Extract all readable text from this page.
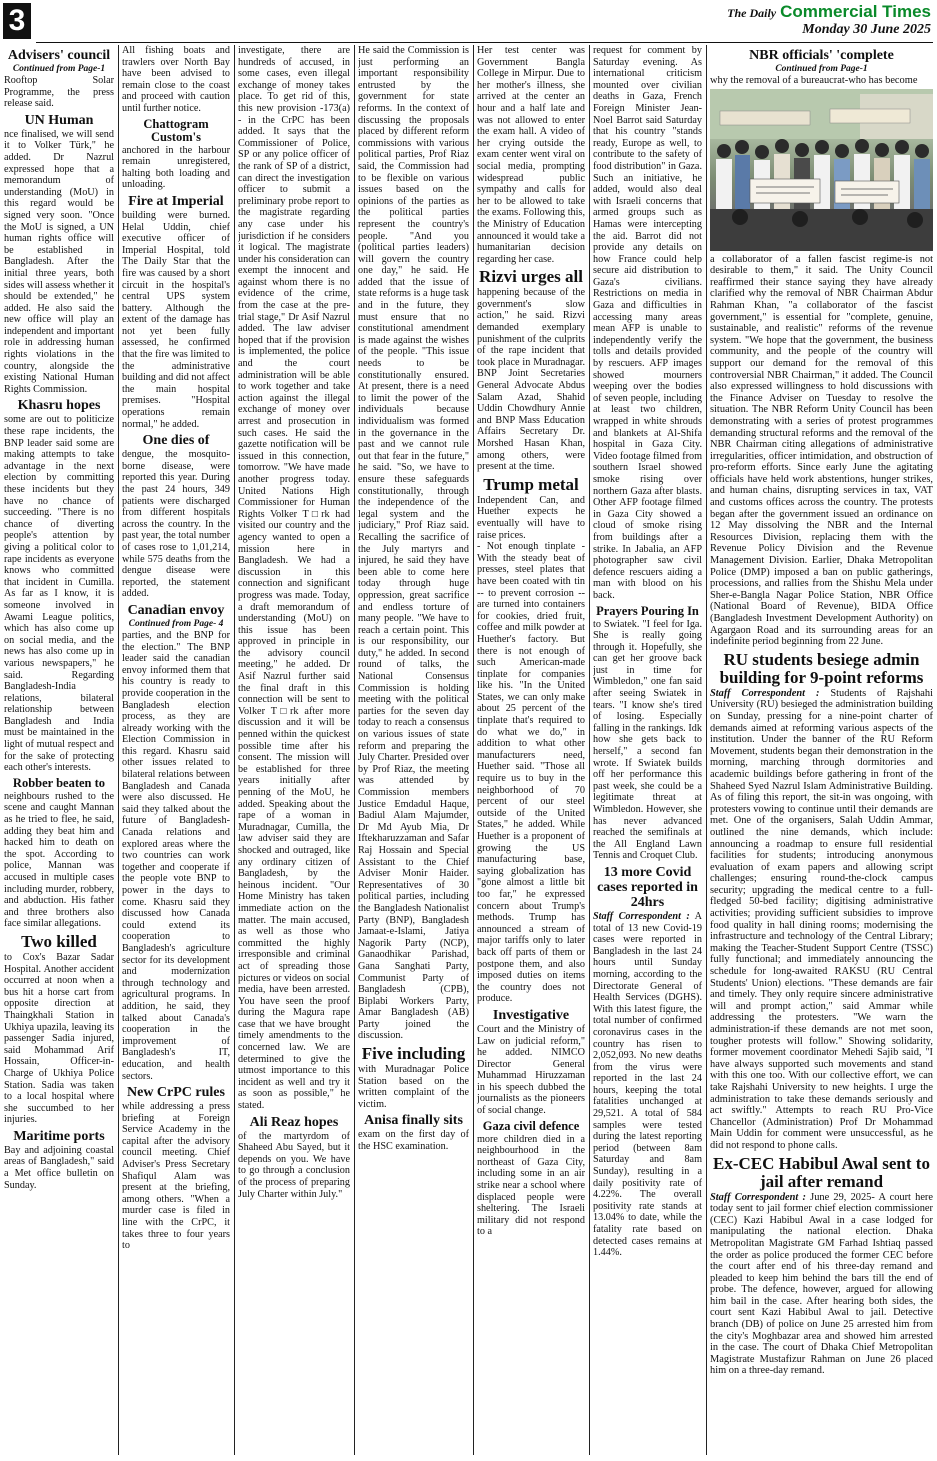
3	The Daily Commercial Times
Monday 30 June 2025
Advisers' council
Continued from Page-1

Rooftop Solar Programme, the press release said.

UN Human

nce finalised, we will send it to Volker Türk," he added. Dr Nazrul expressed hope that a memorandum of understanding (MoU) in this regard would be signed very soon. "Once the MoU is signed, a UN human rights office will be established in Bangladesh. After the initial three years, both sides will assess whether it should be extended," he added. He also said the new office will play an independent and important role in addressing human rights violations in the country, alongside the existing National Human Rights Commission.

Khasru hopes

some are out to politicize these rape incidents, the BNP leader said some are making attempts to take advantage in the next election by committing these incidents but they have no chance of succeeding. "There is no chance of diverting people's attention by giving a political color to rape incidents as everyone knows who committed that incident in Cumilla. As far as I know, it is someone involved in Awami League politics, which has also come up on social media, and the news has also come up in various newspapers," he said. Regarding Bangladesh-India relations, bilateral relationship between Bangladesh and India must be maintained in the light of mutual respect and for the sake of protecting each other's interests.

Robber beaten to

neighbours rushed to the scene and caught Mannan as he tried to flee, he said, adding they beat him and hacked him to death on the spot. According to police, Mannan was accused in multiple cases including murder, robbery, and abduction. His father and three brothers also face similar allegations.

Two killed

to Cox's Bazar Sadar Hospital. Another accident occurred at noon when a bus hit a horse cart from opposite direction at Thaingkhali Station in Ukhiya upazila, leaving its passenger Sadia injured, said Mohammad Arif Hossain, Officer-in-Charge of Ukhiya Police Station. Sadia was taken to a local hospital where she succumbed to her injuries.

Maritime ports

Bay and adjoining coastal areas of Bangladesh," said a Met office bulletin on Sunday.

All fishing boats and trawlers over North Bay have been advised to remain close to the coast and proceed with caution until further notice.

Chattogram Custom's

anchored in the harbour remain unregistered, halting both loading and unloading.

Fire at Imperial

building were burned. Helal Uddin, chief executive officer of Imperial Hospital, told The Daily Star that the fire was caused by a short circuit in the hospital's central UPS system battery. Although the extent of the damage has not yet been fully assessed, he confirmed that the fire was limited to the administrative building and did not affect the main hospital premises. "Hospital operations remain normal," he added.

One dies of

dengue, the mosquito-borne disease, were reported this year. During the past 24 hours, 349 patients were discharged from different hospitals across the country. In the past year, the total number of cases rose to 1,01,214, while 575 deaths from the dengue disease were reported, the statement added.

Canadian envoy
Continued from Page- 4

parties, and the BNP for the election." The BNP leader said the canadian envoy informed them that his country is ready to provide cooperation in the Bangladesh election process, as they are already working with the Election Commission in this regard. Khasru said other issues related to bilateral relations between Bangladesh and Canada were also discussed. He said they talked about the future of Bangladesh-Canada relations and explored areas where the two countries can work together and cooperate if the people vote BNP to power in the days to come. Khasru said they discussed how Canada could extend its cooperation to Bangladesh's agriculture sector for its development and modernization through technology and agricultural programs. In addition, he said, they talked about Canada's cooperation in the improvement of Bangladesh's IT, education, and health sectors.

New CrPC rules

while addressing a press briefing at Foreign Service Academy in the capital after the advisory council meeting. Chief Adviser's Press Secretary Shafiqul Alam was present at the briefing, among others. "When a murder case is filed in line with the CrPC, it takes three to four years to

investigate, there are hundreds of accused, in some cases, even illegal exchange of money takes place. To get rid of this, this new provision -173(a) - in the CrPC has been added. It says that the Commissioner of Police, SP or any police officer of the rank of SP of a district, can direct the investigation officer to submit a preliminary probe report to the magistrate regarding any case under his jurisdiction if he considers it logical. The magistrate under his consideration can exempt the innocent and against whom there is no evidence of the crime, from the case at the pre-trial stage," Dr Asif Nazrul added. The law adviser hoped that if the provision is implemented, the police and the court administration will be able to work together and take action against the illegal exchange of money over arrest and prosecution in such cases. He said the gazette notification will be issued in this connection, tomorrow. "We have made another progress today. United Nations High Commissioner for Human Rights Volker T□rk had visited our country and the agency wanted to open a mission here in Bangladesh. We had a discussion in this connection and significant progress was made. Today, a draft memorandum of understanding (MoU) on this issue has been approved in principle in the advisory council meeting," he added. Dr Asif Nazrul further said the final draft in this connection will be sent to Volker T□rk after more discussion and it will be penned within the quickest possible time after his consent. The mission will be established for three years initially after penning of the MoU, he added. Speaking about the rape of a woman in Muradnagar, Cumilla, the law adviser said they are shocked and outraged, like any ordinary citizen of Bangladesh, by the heinous incident. "Our Home Ministry has taken immediate action on the matter. The main accused, as well as those who committed the highly irresponsible and criminal act of spreading those pictures or videos on social media, have been arrested. You have seen the proof during the Magura rape case that we have brought timely amendments to the concerned law. We are determined to give the utmost importance to this incident as well and try it as soon as possible," he stated.

Ali Reaz hopes

of the martyrdom of Shaheed Abu Sayed, but it depends on you. We have to go through a conclusion of the process of preparing July Charter within July."

He said the Commission is just performing an important responsibility entrusted by the government for state reforms. In the context of discussing the proposals placed by different reform commissions with various political parties, Prof Riaz said, the Commission had to be flexible on various issues based on the opinions of the parties as the political parties represent the country's people. "And you (political parties leaders) will govern the country one day," he said. He added that the issue of state reforms is a huge task and in the future, they must ensure that no constitutional amendment is made against the wishes of the people. "This issue needs to be constitutionally ensured. At present, there is a need to limit the power of the individuals because individualism was formed in the governance in the past and we cannot rule out that fear in the future," he said. "So, we have to ensure these safeguards constitutionally, through the independence of the legal system and the judiciary," Prof Riaz said. Recalling the sacrifice of the July martyrs and injured, he said they have been able to come here today through huge oppression, great sacrifice and endless torture of many people. "We have to reach a certain point. This is our responsibility, our duty," he added. In second round of talks, the National Consensus Commission is holding meeting with the political parties for the seven day today to reach a consensus on various issues of state reform and preparing the July Charter. Presided over by Prof Riaz, the meeting was attended by Commission members Justice Emdadul Haque, Badiul Alam Majumder, Dr Md Ayub Mia, Dr Iftekharuzzaman and Safar Raj Hossain and Special Assistant to the Chief Adviser Monir Haider. Representatives of 30 political parties, including the Bangladesh Nationalist Party (BNP), Bangladesh Jamaat-e-Islami, Jatiya Nagorik Party (NCP), Ganaodhikar Parishad, Gana Sanghati Party, Communist Party of Bangladesh (CPB), Biplabi Workers Party, Amar Bangladesh (AB) Party joined the discussion.

Five including

with Muradnagar Police Station based on the written complaint of the victim.

Anisa finally sits

exam on the first day of the HSC examination.

Her test center was Government Bangla College in Mirpur. Due to her mother's illness, she arrived at the center an hour and a half late and was not allowed to enter the exam hall. A video of her crying outside the exam center went viral on social media, prompting widespread public sympathy and calls for her to be allowed to take the exams. Following this, the Ministry of Education announced it would take a humanitarian decision regarding her case.

Rizvi urges all

happening because of the government's slow action," he said. Rizvi demanded exemplary punishment of the culprits of the rape incident that took place in Muradnagar. BNP Joint Secretaries General Advocate Abdus Salam Azad, Shahid Uddin Chowdhury Annie and BNP Mass Education Affairs Secretary Dr. Morshed Hasan Khan, among others, were present at the time.

Trump metal

Independent Can, and Huether expects he eventually will have to raise prices.

- Not enough tinplate - With the steady beat of presses, steel plates that have been coated with tin -- to prevent corrosion -- are turned into containers for cookies, dried fruit, coffee and milk powder at Huether's factory. But there is not enough of such American-made tinplate for companies like his. "In the United States, we can only make about 25 percent of the tinplate that's required to do what we do," in addition to what other manufacturers need, Huether said. "Those all require us to buy in the neighborhood of 70 percent of our steel outside of the United States," he added. While Huether is a proponent of growing the US manufacturing base, saying globalization has "gone almost a little bit too far," he expressed concern about Trump's methods. Trump has announced a stream of major tariffs only to later back off parts of them or postpone them, and also imposed duties on items the country does not produce.

Investigative

Court and the Ministry of Law on judicial reform," he added. NIMCO Director General Muhammad Hiruzzaman in his speech dubbed the journalists as the pioneers of social change.

Gaza civil defence

more children died in a neighbourhood in the northeast of Gaza City, including some in an air strike near a school where displaced people were sheltering. The Israeli military did not respond to a

request for comment by Saturday evening. As international criticism mounted over civilian deaths in Gaza, French Foreign Minister Jean-Noel Barrot said Saturday that his country "stands ready, Europe as well, to contribute to the safety of food distribution" in Gaza. Such an initiative, he added, would also deal with Israeli concerns that armed groups such as Hamas were intercepting the aid. Barrot did not provide any details on how France could help secure aid distribution to Gaza's civilians. Restrictions on media in Gaza and difficulties in accessing many areas mean AFP is unable to independently verify the tolls and details provided by rescuers. AFP images showed mourners weeping over the bodies of seven people, including at least two children, wrapped in white shrouds and blankets at Al-Shifa hospital in Gaza City. Video footage filmed from southern Israel showed smoke rising over northern Gaza after blasts. Other AFP footage filmed in Gaza City showed a cloud of smoke rising from buildings after a strike. In Jabalia, an AFP photographer saw civil defence rescuers aiding a man with blood on his back.

Prayers Pouring In

to Swiatek. "I feel for Iga. She is really going through it. Hopefully, she can get her groove back just in time for Wimbledon," one fan said after seeing Swiatek in tears. "I know she's tired of losing. Especially falling in the rankings. Idk how she gets back to herself," a second fan wrote. If Swiatek builds off her performance this past week, she could be a legitimate threat at Wimbledon. However, she has never advanced reached the semifinals at the All England Lawn Tennis and Croquet Club.

13 more Covid cases reported in 24hrs

Staff Correspondent : A total of 13 new Covid-19 cases were reported in Bangladesh in the last 24 hours until Sunday morning, according to the Directorate General of Health Services (DGHS). With this latest figure, the total number of confirmed coronavirus cases in the country has risen to 2,052,093. No new deaths from the virus were reported in the last 24 hours, keeping the total fatalities unchanged at 29,521. A total of 584 samples were tested during the latest reporting period (between 8am Saturday and 8am Sunday), resulting in a daily positivity rate of 4.22%. The overall positivity rate stands at 13.04% to date, while the fatality rate based on detected cases remains at 1.44%.

NBR officials' 'complete
Continued from Page-1

why the removal of a bureaucrat-who has become

a collaborator of a fallen fascist regime-is not desirable to them," it said. The Unity Council reaffirmed their stance saying they have already clarified why the removal of NBR Chairman Abdur Rahman Khan, "a collaborator of the fascist government," is essential for "complete, genuine, sustainable, and realistic" reforms of the revenue system. "We hope that the government, the business community, and the people of the country will support our demand for the removal of this controversial NBR Chairman," it added. The Council also expressed willingness to hold discussions with the Finance Adviser on Tuesday to resolve the situation. The NBR Reform Unity Council has been demonstrating with a series of protest programmes demanding structural reforms and the removal of the NBR Chairman citing allegations of administrative irregularities, officer intimidation, and obstruction of pro-reform efforts. Since early June the agitating officials have held work abstentions, hunger strikes, and human chains, disrupting services in tax, VAT and customs offices across the country. The protests began after the government issued an ordinance on 12 May dissolving the NBR and the Internal Resources Division, replacing them with the Revenue Policy Division and the Revenue Management Division. Earlier, Dhaka Metropolitan Police (DMP) imposed a ban on public gatherings, processions, and rallies from the Shishu Mela under Sher-e-Bangla Nagar Police Station, NBR Office (National Board of Revenue), BIDA Office (Bangladesh Investment Development Authority) on Agargaon Road and its surrounding areas for an indefinite period beginning from 22 June.

RU students besiege admin building for 9-point reforms

Staff Correspondent : Students of Rajshahi University (RU) besieged the administration building on Sunday, pressing for a nine-point charter of demands aimed at reforming various aspects of the institution. Under the banner of the RU Reform Movement, students began their demonstration in the morning, marching through dormitories and academic buildings before gathering in front of the Shaheed Syed Nazrul Islam Administrative Building. As of filing this report, the sit-in was ongoing, with protesters vowing to continue until their demands are met. One of the organisers, Salah Uddin Ammar, outlined the nine demands, which include: announcing a roadmap to ensure full residential facilities for students; introducing anonymous evaluation of exam papers and allowing script challenges; ensuring round-the-clock campus security; upgrading the medical centre to a full-fledged 50-bed facility; digitising administrative activities; providing sufficient subsidies to improve food quality in hall dining rooms; modernising the infrastructure and technology of the Central Library; making the Teacher-Student Support Centre (TSSC) fully functional; and immediately announcing the schedule for long-awaited RAKSU (RU Central Students' Union) elections. "These demands are fair and timely. They only require sincere administrative will and prompt action," said Ammar while addressing the protesters. "We warn the administration-if these demands are not met soon, tougher protests will follow." Showing solidarity, former movement coordinator Mehedi Sajib said, "I have always supported such movements and stand with this one too. With our collective effort, we can take Rajshahi University to new heights. I urge the administration to take these demands seriously and act swiftly." Attempts to reach RU Pro-Vice Chancellor (Administration) Prof Dr Mohammad Main Uddin for comment were unsuccessful, as he did not respond to phone calls.

Ex-CEC Habibul Awal sent to jail after remand

Staff Correspondent : June 29, 2025- A court here today sent to jail former chief election commissioner (CEC) Kazi Habibul Awal in a case lodged for manipulating the national election. Dhaka Metropolitan Magistrate GM Farhad Ishtiaq passed the order as police produced the former CEC before the court after end of his three-day remand and pleaded to keep him behind the bars till the end of probe. The defence, however, argued for allowing him bail in the case. After hearing both sides, the court sent Kazi Habibul Awal to jail. Detective branch (DB) of police on June 25 arrested him from the city's Moghbazar area and showed him arrested in the case. The court of Dhaka Chief Metropolitan Magistrate Mustafizur Rahman on June 26 placed him on a three-day remand.
